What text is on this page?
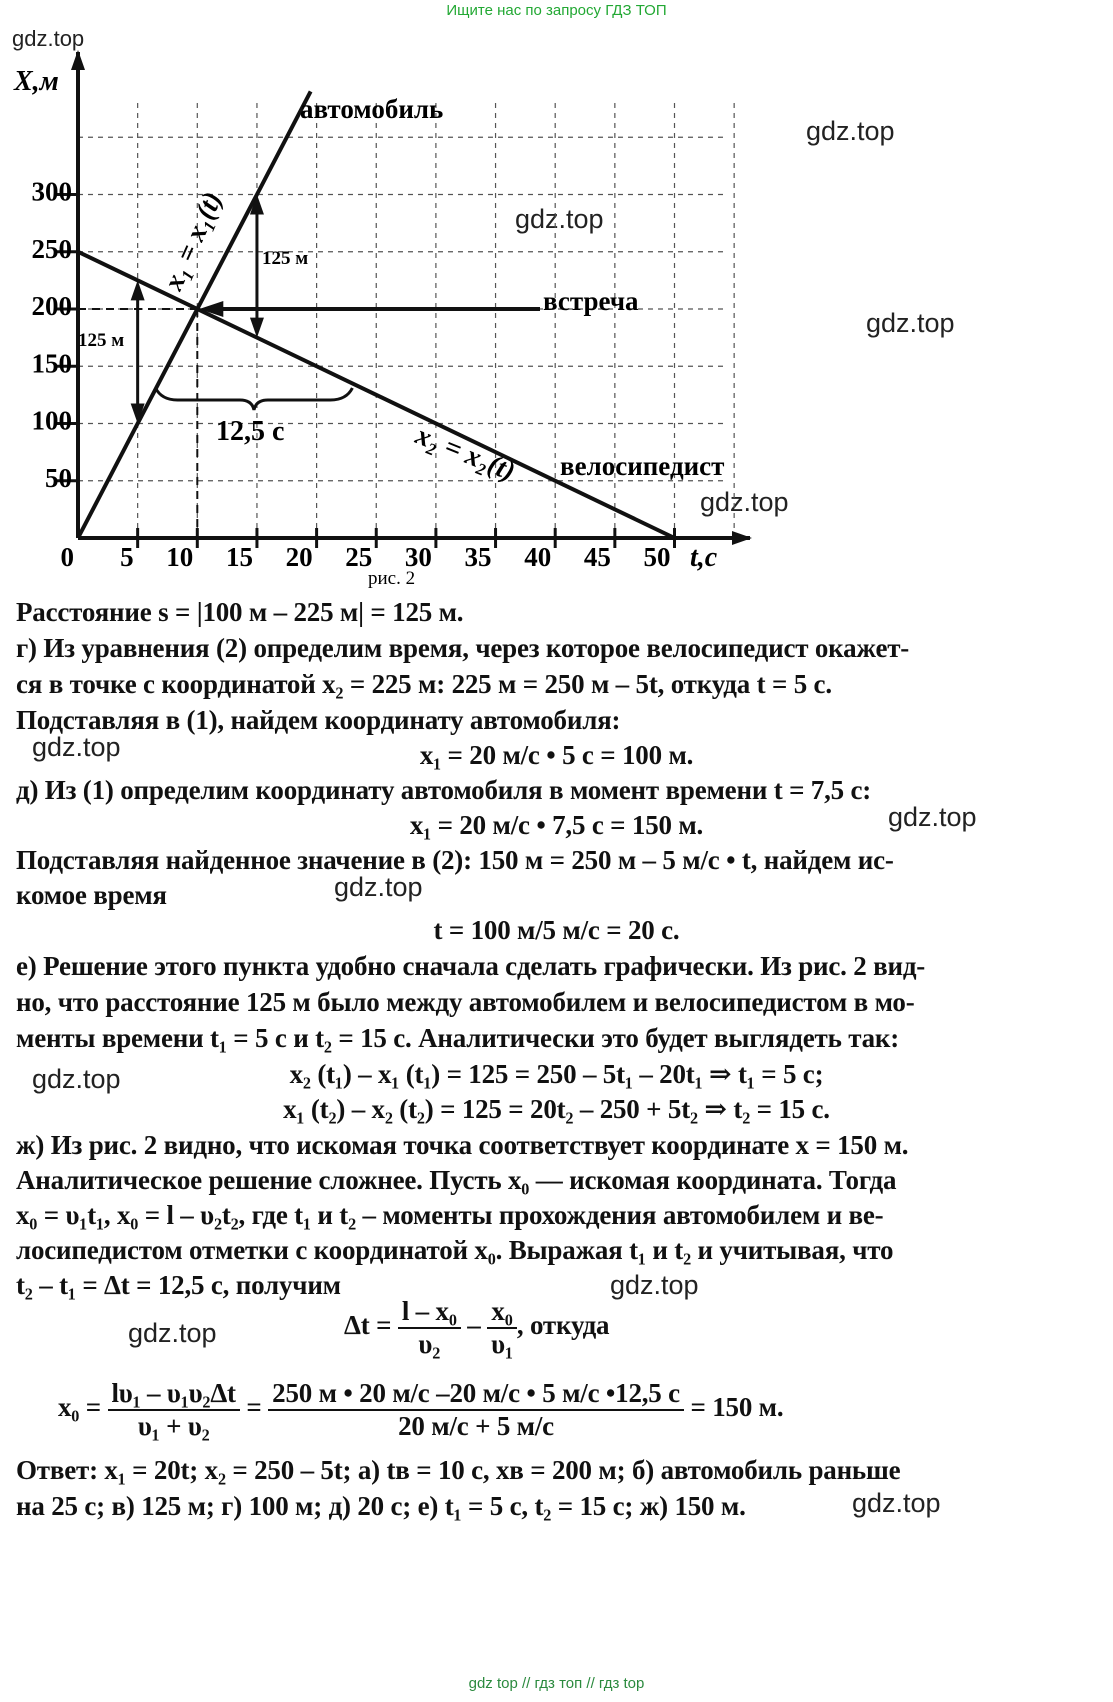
Ищите нас по запросу ГДЗ ТОП
gdz.top
gdz.top
gdz.top
gdz.top
gdz.top
gdz.top
gdz.top
gdz.top
gdz.top
gdz.top
gdz.top
gdz.top
0 5 10 15 20 25 30 35 40 45 50
50
100
150
200
250
300
X,м
t,с
рис. 2
автомобиль
велосипедист
встреча
125 м
125 м
12,5 с
x₁ = x₁(t)
x₂ = x₂(t)
Расстояние s = |100 м – 225 м| = 125 м.
г) Из уравнения (2) определим время, через которое велосипедист окажет-
ся в точке с координатой x₂ = 225 м: 225 м = 250 м – 5t, откуда t = 5 с.
Подставляя в (1), найдем координату автомобиля:
x₁ = 20 м/с • 5 с = 100 м.
д) Из (1) определим координату автомобиля в момент времени t = 7,5 с:
x₁ = 20 м/с • 7,5 с = 150 м.
Подставляя найденное значение в (2): 150 м = 250 м – 5 м/с • t, найдем ис-
комое время
t = 100 м/5 м/с = 20 с.
е) Решение этого пункта удобно сначала сделать графически. Из рис. 2 вид-
но, что расстояние 125 м было между автомобилем и велосипедистом в мо-
менты времени t₁ = 5 с и t₂ = 15 с. Аналитически это будет выглядеть так:
x₂ (t₁) – x₁ (t₁) = 125 = 250 – 5t₁ – 20t₁ ⇒ t₁ = 5 с;
x₁ (t₂) – x₂ (t₂) = 125 = 20t₂ – 250 + 5t₂ ⇒ t₂ = 15 с.
ж) Из рис. 2 видно, что искомая точка соответствует координате x = 150 м.
Аналитическое решение сложнее. Пусть x₀ — искомая координата. Тогда
x₀ = υ₁t₁, x₀ = l – υ₂t₂, где t₁ и t₂ – моменты прохождения автомобилем и ве-
лосипедистом отметки с координатой x₀. Выражая t₁ и t₂ и учитывая, что
t₂ – t₁ = Δt = 12,5 с, получим
$\Delta t = \frac{\text{l – x₀}}{\text{υ₂}} - \frac{\text{x₀}}{\text{υ₁}}$ , откуда
$x_0 = \frac{\text{lυ₁ – υ₁υ₂Δt}}{\text{υ₁ + υ₂}} = \frac{250 м • 20 м/с -20 м/с • 5 м/с •12,5 с}{20 м/с + 5 м/с} = 150$ м.
Ответ: x₁ = 20t; x₂ = 250 – 5t; а) tв = 10 с, xв = 200 м; б) автомобиль раньше
на 25 с; в) 125 м; г) 100 м; д) 20 с; е) t₁ = 5 с, t₂ = 15 с; ж) 150 м.
gdz top // гдз топ // гдз top
